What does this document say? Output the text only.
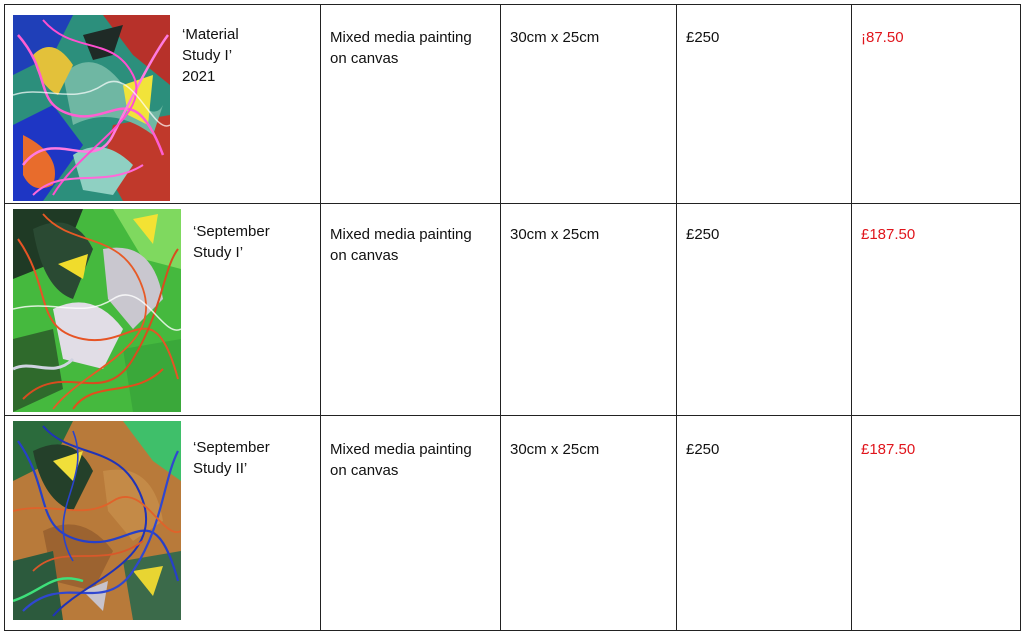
‘Material
Study I’
2021	Mixed media painting
on canvas	30cm x 25cm	£250	¡87.50

‘September
Study I’	Mixed media painting
on canvas	30cm x 25cm	£250	£187.50

‘September
Study II’	Mixed media painting
on canvas	30cm x 25cm	£250	£187.50
